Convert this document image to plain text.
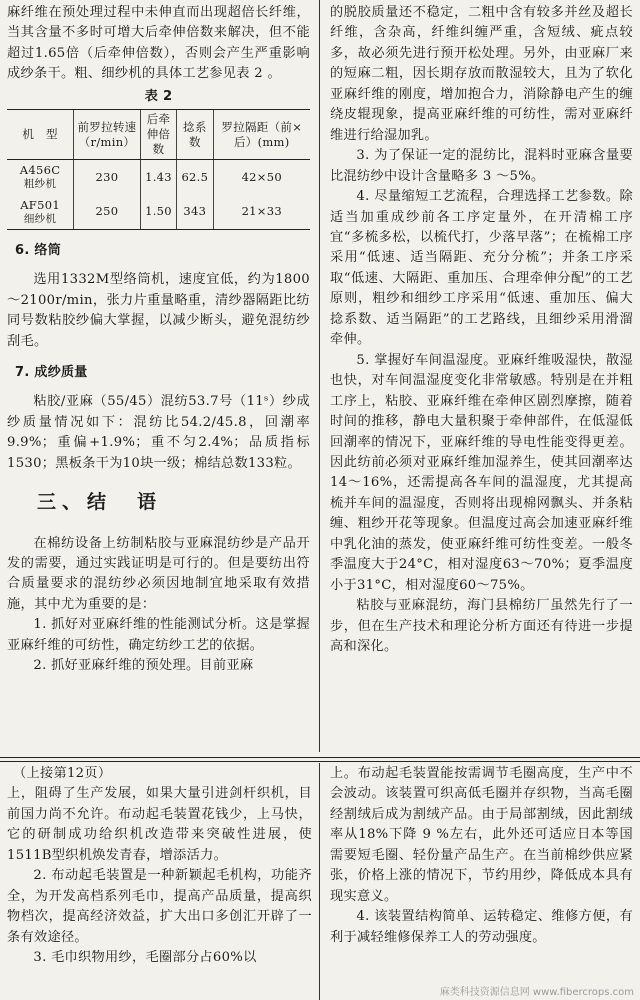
麻纤维在预处理过程中未伸直而出现超倍长纤维，当其含量不多时可增大后牵伸倍数来解决，但不能超过1.65倍（后牵伸倍数），否则会产生严重影响成纱条干。粗、细纱机的具体工艺参见表 2 。

表 2
机　型	前罗拉转速（r/min）	后牵伸倍数	捻系数	罗拉隔距（前×后）(mm)
A456C
粗纱机	230	1.43	62.5	42×50
AF501
细纱机	250	1.50	343	21×33
6. 络筒

选用1332M型络筒机，速度宜低，约为1800～2100r/min，张力片重量略重，清纱器隔距比纺同号数粘胶纱偏大掌握，以减少断头，避免混纺纱刮毛。

7. 成纱质量

粘胶/亚麻（55/45）混纺53.7号（11ˢ）纱成纱质量情况如下：混纺比54.2/45.8，回潮率9.9%；重偏+1.9%；重不匀2.4%；品质指标1530；黑板条干为10块一级；棉结总数133粒。

三、结　语

在棉纺设备上纺制粘胶与亚麻混纺纱是产品开发的需要，通过实践证明是可行的。但是要纺出符合质量要求的混纺纱必须因地制宜地采取有效措施，其中尤为重要的是：

1. 抓好对亚麻纤维的性能测试分析。这是掌握亚麻纤维的可纺性，确定纺纱工艺的依据。

2. 抓好亚麻纤维的预处理。目前亚麻

的脱胶质量还不稳定，二粗中含有较多并丝及超长纤维，含杂高，纤维纠缠严重，含短绒、疵点较多，故必须先进行预开松处理。另外，由亚麻厂来的短麻二粗，因长期存放而散湿较大，且为了软化亚麻纤维的刚度，增加抱合力，消除静电产生的缠绕皮辊现象，提高亚麻纤维的可纺性，需对亚麻纤维进行给湿加乳。

3. 为了保证一定的混纺比，混料时亚麻含量要比混纺纱中设计含量略多 3 ～5%。

4. 尽量缩短工艺流程，合理选择工艺参数。除适当加重成纱前各工序定量外，在开清棉工序宜“多梳多松，以梳代打，少落早落”；在梳棉工序采用“低速、适当隔距、充分分梳”；并条工序采取“低速、大隔距、重加压、合理牵伸分配”的工艺原则，粗纱和细纱工序采用“低速、重加压、偏大捻系数、适当隔距”的工艺路线，且细纱采用滑溜牵伸。

5. 掌握好车间温湿度。亚麻纤维吸湿快，散湿也快，对车间温湿度变化非常敏感。特别是在并粗工序上，粘胶、亚麻纤维在牵伸区剧烈摩擦，随着时间的推移，静电大量积聚于牵伸部件，在低湿低回潮率的情况下，亚麻纤维的导电性能变得更差。因此纺前必须对亚麻纤维加湿养生，使其回潮率达14～16%，还需提高各车间的温湿度，尤其提高梳并车间的温湿度，否则将出现棉网飘头、并条粘缠、粗纱开花等现象。但温度过高会加速亚麻纤维中乳化油的蒸发，使亚麻纤维可纺性变差。一般冬季温度大于24°C，相对湿度63～70%；夏季温度小于31°C，相对湿度60～75%。

粘胶与亚麻混纺，海门县棉纺厂虽然先行了一步，但在生产技术和理论分析方面还有待进一步提高和深化。

（上接第12页）

上，阻碍了生产发展，如果大量引进剑杆织机，目前国力尚不允许。布动起毛装置花钱少，上马快，它的研制成功给织机改造带来突破性进展，使1511B型织机焕发青春，增添活力。

2. 布动起毛装置是一种新颖起毛机构，功能齐全，为开发高档系列毛巾，提高产品质量，提高织物档次，提高经济效益，扩大出口多创汇开辟了一条有效途径。

3. 毛巾织物用纱，毛圈部分占60%以

上。布动起毛装置能按需调节毛圈高度，生产中不会波动。该装置可织高低毛圈并存织物，当高毛圈经割绒后成为割绒产品。由于局部割绒，因此割绒率从18%下降 9 %左右，此外还可适应日本等国需要短毛圈、轻份量产品生产。在当前棉纱供应紧张，价格上涨的情况下，节约用纱，降低成本具有现实意义。

4. 该装置结构简单、运转稳定、维修方便，有利于减轻维修保养工人的劳动强度。

麻类科技资源信息网 www.fibercrops.com
